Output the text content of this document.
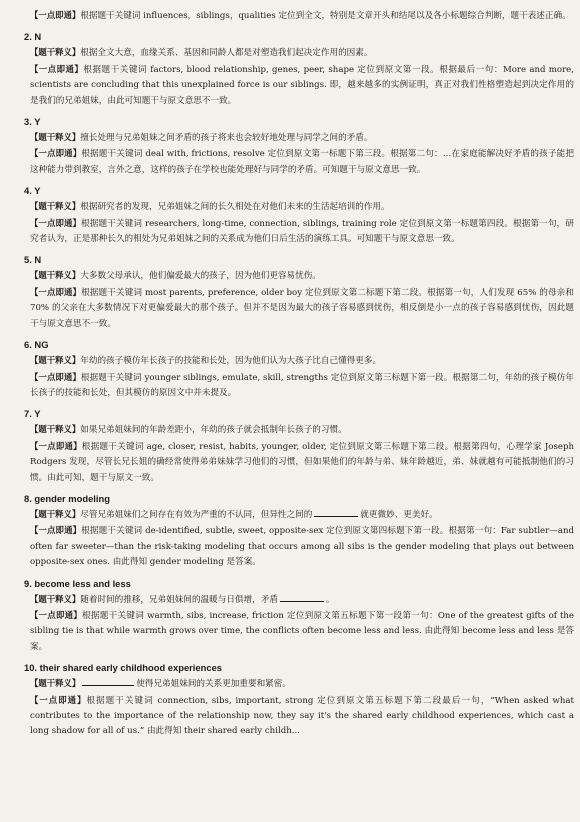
【一点即通】根据题干关键词 influences，siblings，qualities 定位到全文，特别是文章开头和结尾以及各小标题综合判断，题干表述正确。

2. N

【题干释义】根据全文大意，血缘关系、基因和同龄人都是对塑造我们起决定作用的因素。

【一点即通】根据题干关键词 factors, blood relationship, genes, peer, shape 定位到原文第一段。根据最后一句：More and more, scientists are concluding that this unexplained force is our siblings. 即，越来越多的实例证明，真正对我们性格塑造起到决定作用的是我们的兄弟姐妹，由此可知题干与原文意思不一致。

3. Y

【题干释义】擅长处理与兄弟姐妹之间矛盾的孩子将来也会较好地处理与同学之间的矛盾。

【一点即通】根据题干关键词 deal with, frictions, resolve 定位到原文第一标题下第三段。根据第二句：…在家庭能解决好矛盾的孩子能把这种能力带到教室，言外之意，这样的孩子在学校也能处理好与同学的矛盾。可知题干与原文意思一致。

4. Y

【题干释义】根据研究者的发现，兄弟姐妹之间的长久相处在对他们未来的生活起培训的作用。

【一点即通】根据题干关键词 researchers, long-time, connection, siblings, training role 定位到原文第一标题第四段。根据第一句，研究者认为，正是那种长久的相处为兄弟姐妹之间的关系成为他们日后生活的演练工具。可知题干与原文意思一致。

5. N

【题干释义】大多数父母承认，他们偏爱最大的孩子，因为他们更容易忧伤。

【一点即通】根据题干关键词 most parents, preference, older boy 定位到原文第二标题下第二段。根据第一句，人们发现 65% 的母亲和 70% 的父亲在大多数情况下对更偏爱最大的那个孩子。但并不是因为最大的孩子容易感到忧伤，相反倒是小一点的孩子容易感到忧伤，因此题干与原文意思不一致。

6. NG

【题干释义】年幼的孩子模仿年长孩子的技能和长处，因为他们认为大孩子比自己懂得更多。

【一点即通】根据题干关键词 younger siblings, emulate, skill, strengths 定位到原文第三标题下第一段。根据第二句，年幼的孩子模仿年长孩子的技能和长处，但其模仿的原因文中并未提及。

7. Y

【题干释义】如果兄弟姐妹间的年龄差距小，年幼的孩子就会抵制年长孩子的习惯。

【一点即通】根据题干关键词 age, closer, resist, habits, younger, older, 定位到原文第三标题下第二段。根据第四句，心理学家 Joseph Rodgers 发现，尽管长兄长姐的确经常使得弟弟妹妹学习他们的习惯，但如果他们的年龄与弟、妹年龄越近，弟、妹就越有可能抵制他们的习惯。由此可知，题干与原文一致。

8. gender modeling

【题干释义】尽管兄弟姐妹们之间存在有效为严重的不认同，但异性之间的	就更微妙、更美好。

【一点即通】根据题干关键词 de-identified, subtle, sweet, opposite-sex 定位到原文第四标题下第一段。根据第一句：Far subtler—and often far sweeter—than the risk-taking modeling that occurs among all sibs is the gender modeling that plays out between opposite-sex ones. 由此得知 gender modeling 是答案。

9. become less and less

【题干释义】随着时间的推移，兄弟姐妹间的温暖与日俱增，矛盾	。

【一点即通】根据题干关键词 warmth, sibs, increase, friction 定位到原文第五标题下第一段第一句：One of the greatest gifts of the sibling tie is that while warmth grows over time, the conflicts often become less and less. 由此得知 become less and less 是答案。

10. their shared early childhood experiences

【题干释义】	使得兄弟姐妹间的关系更加重要和紧密。

【一点即通】根据题干关键词 connection, sibs, important, strong 定位到原文第五标题下第二段最后一句，“When asked what contributes to the importance of the relationship now, they say it's the shared early childhood experiences, which cast a long shadow for all of us.” 由此得知 their shared early childh...
